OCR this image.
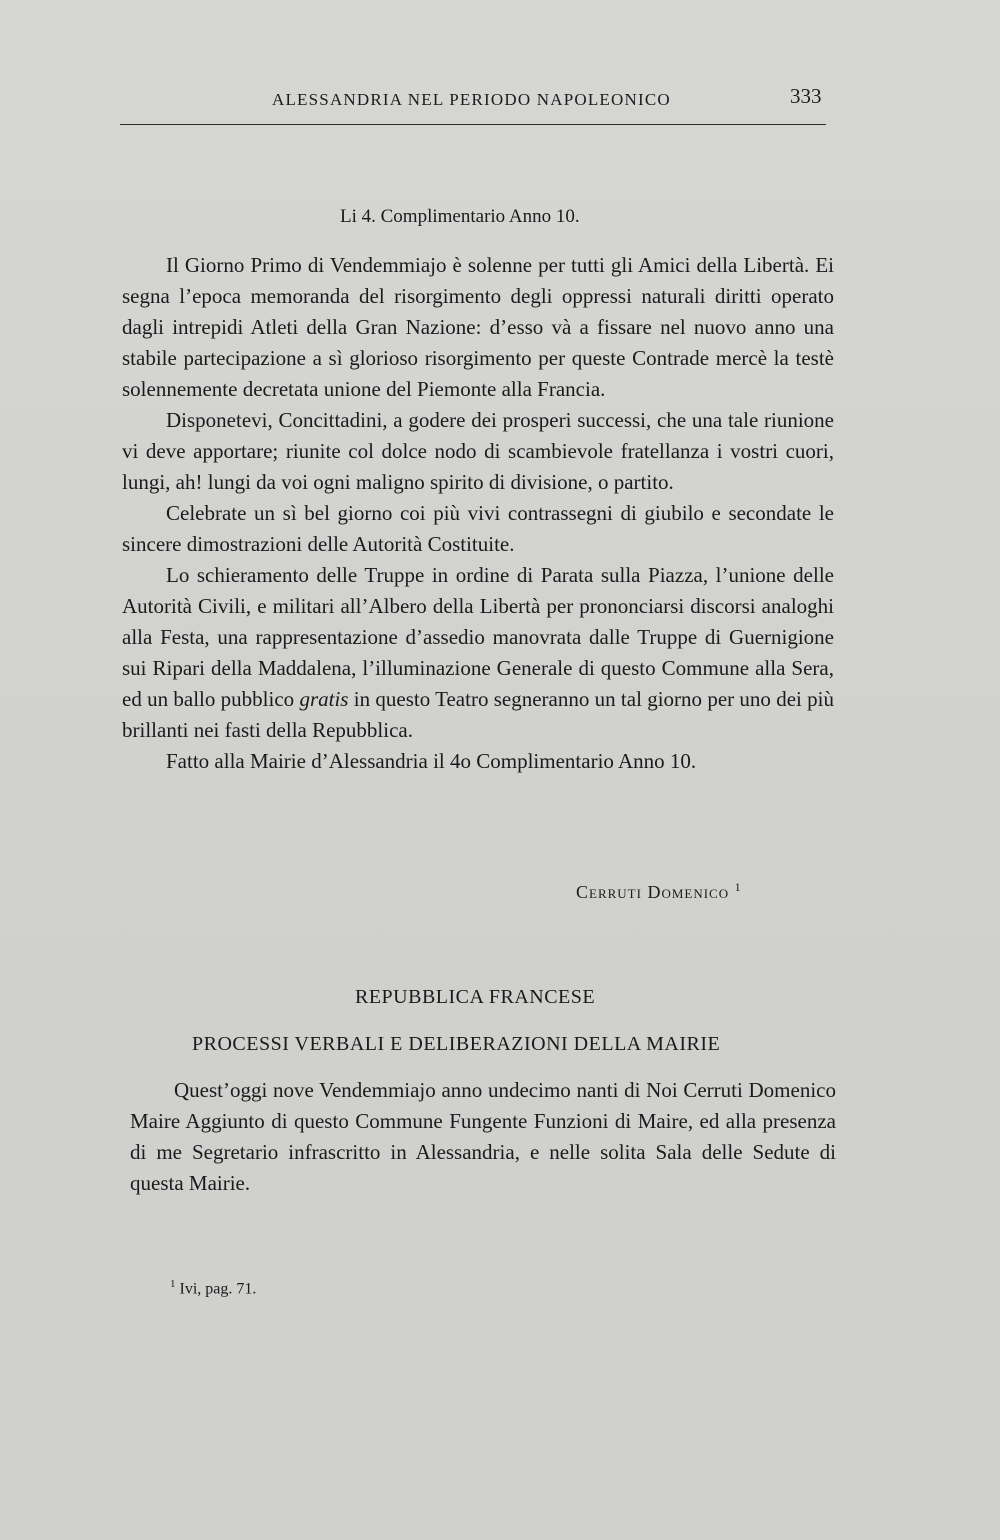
ALESSANDRIA NEL PERIODO NAPOLEONICO	333
Li 4. Complimentario Anno 10.

Il Giorno Primo di Vendemmiajo è solenne per tutti gli Amici della Libertà. Ei segna l’epoca memoranda del risorgimento degli oppressi naturali diritti operato dagli intrepidi Atleti della Gran Nazione: d’esso và a fissare nel nuovo anno una stabile partecipazione a sì glorioso risorgimento per queste Contrade mercè la testè solennemente decretata unione del Piemonte alla Francia.

Disponetevi, Concittadini, a godere dei prosperi successi, che una tale riunione vi deve apportare; riunite col dolce nodo di scambievole fratellanza i vostri cuori, lungi, ah! lungi da voi ogni maligno spirito di divisione, o partito.

Celebrate un sì bel giorno coi più vivi contrassegni di giubilo e secondate le sincere dimostrazioni delle Autorità Costituite.

Lo schieramento delle Truppe in ordine di Parata sulla Piazza, l’unione delle Autorità Civili, e militari all’Albero della Libertà per prononciarsi discorsi analoghi alla Festa, una rappresentazione d’assedio manovrata dalle Truppe di Guernigione sui Ripari della Maddalena, l’illuminazione Generale di questo Commune alla Sera, ed un ballo pubblico gratis in questo Teatro segneranno un tal giorno per uno dei più brillanti nei fasti della Repubblica.

Fatto alla Mairie d’Alessandria il 4o Complimentario Anno 10.

Cerruti Domenico $^1$
REPUBBLICA FRANCESE
PROCESSI VERBALI E DELIBERAZIONI DELLA MAIRIE

Quest’oggi nove Vendemmiajo anno undecimo nanti di Noi Cerruti Domenico Maire Aggiunto di questo Commune Fungente Funzioni di Maire, ed alla presenza di me Segretario infrascritto in Alessandria, e nelle solita Sala delle Sedute di questa Mairie.

$^1$ Ivi, pag. 71.
